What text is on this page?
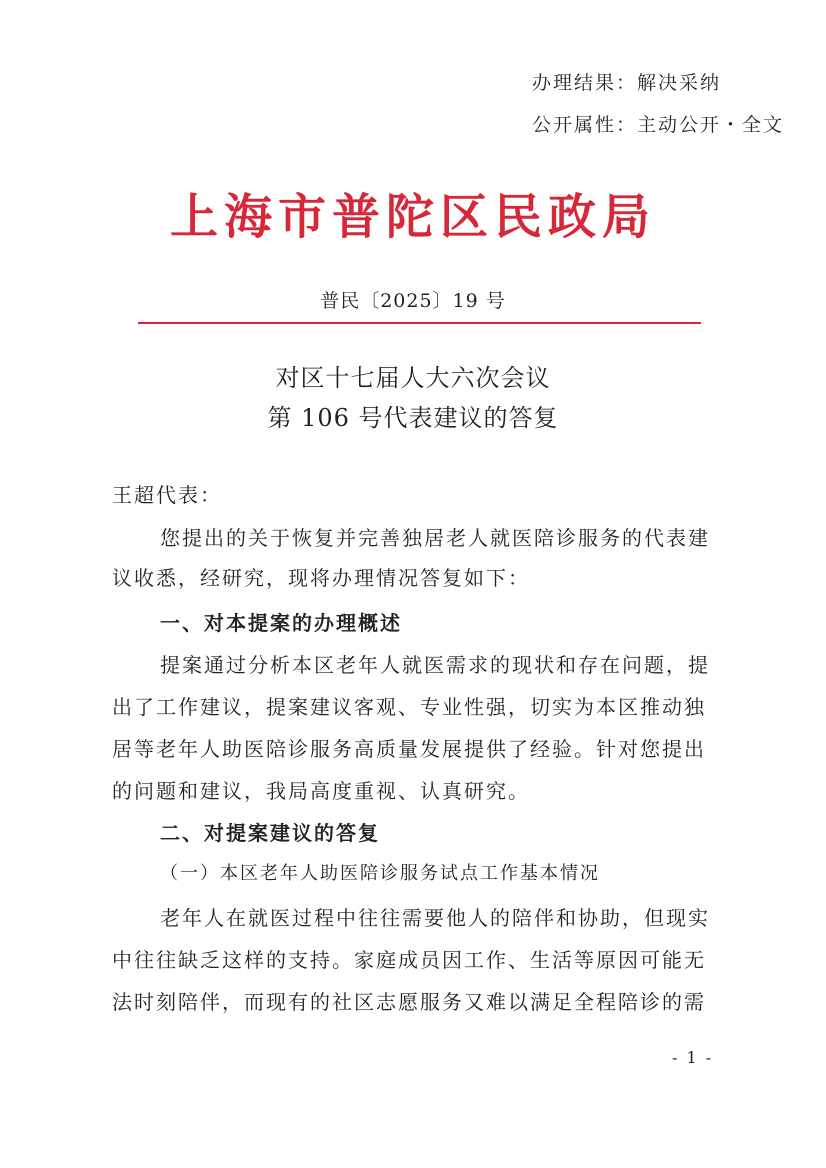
办理结果：解决采纳
公开属性：主动公开・全文
上海市普陀区民政局
普民〔2025〕19 号
对区十七届人大六次会议
第 106 号代表建议的答复
王超代表：
您提出的关于恢复并完善独居老人就医陪诊服务的代表建
议收悉，经研究，现将办理情况答复如下：
一、对本提案的办理概述
提案通过分析本区老年人就医需求的现状和存在问题，提
出了工作建议，提案建议客观、专业性强，切实为本区推动独
居等老年人助医陪诊服务高质量发展提供了经验。针对您提出
的问题和建议，我局高度重视、认真研究。
二、对提案建议的答复
（一）本区老年人助医陪诊服务试点工作基本情况
老年人在就医过程中往往需要他人的陪伴和协助，但现实
中往往缺乏这样的支持。家庭成员因工作、生活等原因可能无
法时刻陪伴，而现有的社区志愿服务又难以满足全程陪诊的需
- 1 -
